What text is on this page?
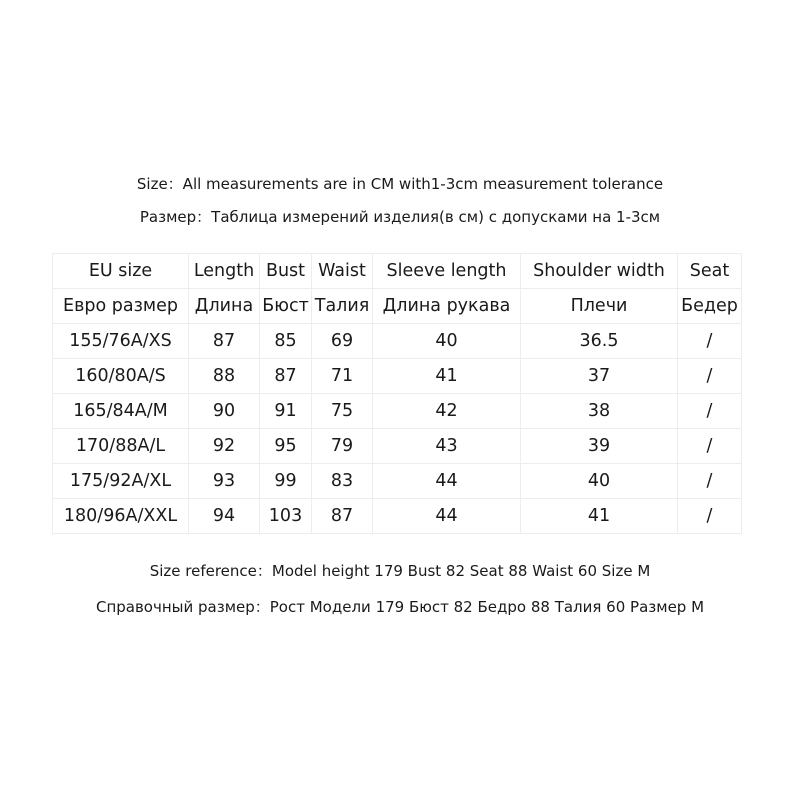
Size：All measurements are in CM with1-3cm measurement tolerance
Размер：Таблица измерений изделия(в см) с допусками на 1-3см
EU size	Length	Bust	Waist	Sleeve length	Shoulder width	Seat
Евро размер	Длина	Бюст	Талия	Длина рукава	Плечи	Бедер
155/76A/XS	87	85	69	40	36.5	/
160/80A/S	88	87	71	41	37	/
165/84A/M	90	91	75	42	38	/
170/88A/L	92	95	79	43	39	/
175/92A/XL	93	99	83	44	40	/
180/96A/XXL	94	103	87	44	41	/
Size reference：Model height 179 Bust 82 Seat 88 Waist 60 Size M
Справочный размер：Рост Модели 179 Бюст 82 Бедро 88 Талия 60 Размер М
